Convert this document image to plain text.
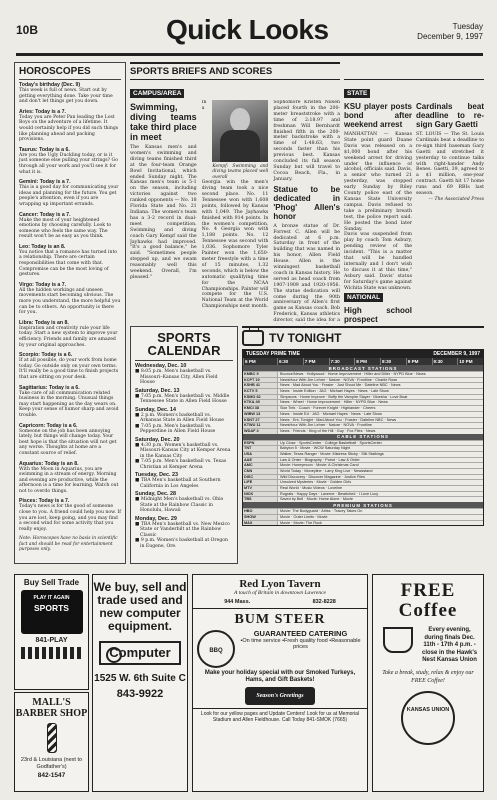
10B	Quick Looks	Tuesday
December 9, 1997
HOROSCOPES
Today's birthday (Dec. 9)
This week is full of news. Start out by getting everything done. Take your time and don't let things get you down.
Aries: Today is a 7.
Today you are Peter Pan leading the Lost Boys on the adventure of a lifetime. It would certainly help if you did such things like planning ahead and packing provisions.
Taurus: Today is a 6.
Are you the Ugly Duckling today, or is it just someone else pulling your strings? Go through all your work and you'll see it for what it is.
Gemini: Today is a 7.
This is a good day for communicating your ideas and planning for the future. You get people's attention, even if you are wrapping up important errands.
Cancer: Today is a 7.
Make the most of your heightened emotions by choosing carefully. Look to someone who feels the same way. The result won't be as easy as you think.
Leo: Today is an 8.
You notice that a romance has turned into a relationship. There are certain responsibilities that come with that. Compromise can be the most loving of gestures.
Virgo: Today is a 7.
All the hidden workings and unseen movements start becoming obvious. The more you understand, the more helpful you can be to others. An opportunity is there for you.
Libra: Today is an 8.
Inspiration and creativity rule your life today. Start a new system to improve your efficiency. Friends and family are amazed by your original approaches.
Scorpio: Today is a 6.
If at all possible, do your work from home today. Go outside only on your own terms. It'll really be a good time to finish projects that are sitting on your desk.
Sagittarius: Today is a 6.
Take care of all communication related business in the morning. Unusual things may start happening as the day wears on. Keep your sense of humor sharp and avoid trouble.
Capricorn: Today is a 6.
Someone on the job has been annoying lately, but things will change today. Your best hope is that the situation will not get any worse. Thoughts at home are a constant source of relief.
Aquarius: Today is an 8.
With the Moon in Aquarius, you are swimming in a stream of energy. Morning and evening are productive, while the afternoon is a time for learning. Watch out not to overdo things.
Pisces: Today is a 7.
Today's news is for the good of someone close to you. A friend could help you now. If you are lost, keep going, and you may find a second wind for some activity that you really enjoy.
Note: Horoscopes have no basis in scientific fact and should be read for entertainment purposes only.
SPORTS BRIEFS AND SCORES
CAMPUS/AREA
Swimming, diving teams take third place in meet
The Kansas men's and women's swimming and diving teams finished third at the four-team Orange Bowl Invitational, which ended Sunday night. The Kansas men's team is 5-1 on the season, including victories against two ranked opponents — No. 18 Florida State and No. 21 Indiana. The women's team has a 3-2 record in dual-meet competition. Swimming and diving coach Gary Kempf said the Jayhawks had improved. "It's a good balance," he said. "Sometimes people stepped up, and we swam reasonably well this weekend. Overall, I'm pleased."
Kempf: Swimming and diving teams placed well overall
In a Georgia win the men's diving team took a nice second place. No. 11 Tennessee won with 1,608 points, followed by Kansas with 1,049. The Jayhawks finished with 914 points. In the women's competition, No. 4 Georgia won with 1,188 points. No. 12 Tennessee was second with 1,036. Sophomore Tyler Painter won the 1,650-meter freestyle with a time of 15 minutes, 1.32 seconds, which is below the automatic qualifying time for the NCAA Championships. Painter will compete for the U.S. National Team at the World Championships next month.
Sophomore Kristen Nilsen placed fourth in the 200-meter breaststroke with a time of 2:18.97 and freshman Will Bernhardt finished fifth in the 200-meter backstroke with a time of 1:48.63, two seconds faster than his previous best. Kansas concluded its fall season Sunday but will travel to Cocoa Beach, Fla., in January.
Statue to be dedicated in 'Phog' Allen's honor
A bronze statue of Dr. Forrest C. Allen will be dedicated at 6 p.m. Saturday in front of the building that was named in his honor, Allen Field House. Allen is the winningest basketball coach in Kansas history. He served as head coach from 1907-1909 and 1920-1956. The statue dedication will come during the 90th anniversary of Allen's first game as Kansas coach. Bob Frederick, Kansas athletics director, said the idea for a

STATE
KSU player posts bond after weekend arrest
MANHATTAN — Kansas State point guard Duane Davis was released on a $1,000 bond after his weekend arrest for driving under the influence of alcohol, officials said. Davis, a senior who turned 21 yesterday, was stopped early Sunday by Riley County police east of the Kansas State University campus. Davis refused to take a preliminary breath test, the police report said. He posted the bond later Sunday.
Davis was suspended from play by coach Tom Asbury, pending review of the incident. "This is a matter that will be handled internally and I don't wish to discuss it at this time," Asbury said. Davis' status for Saturday's game against Wichita State was unknown.
NATIONAL
High school prospect
Cardinals beat deadline to re-sign Gary Gaetti
ST. LOUIS — The St. Louis Cardinals beat a deadline to re-sign third baseman Gary Gaetti and stretched it yesterday to continue talks with right-hander Andy Benes. Gaetti, 39, agreed to a $1 million, one-year contract. Gaetti hit 17 home runs and 69 RBIs last season.
— The Associated Press
SPORTS
CALENDAR
Wednesday, Dec. 10
■ 8:05 p.m. Men's basketball vs. Missouri–Kansas City, Allen Field House
Saturday, Dec. 13
■ 7:05 p.m. Men's basketball vs. Middle Tennessee State in Allen Field House
Sunday, Dec. 14
■ 2 p.m. Women's basketball vs. Arkansas State in Allen Field House
■ 7:05 p.m. Men's basketball vs. Pepperdine in Allen Field House
Saturday, Dec. 20
■ 4:30 p.m. Women's basketball vs. Missouri-Kansas City at Kemper Arena in the Kansas City
■ 7:05 p.m. Men's basketball vs. Texas Christian at Kemper Arena
Tuesday, Dec. 23
■ TBA Men's basketball at Southern California in Los Angeles
Sunday, Dec. 28
■ Midnight Men's basketball vs. Ohio State at the Rainbow Classic in Honolulu, Hawaii
Monday, Dec. 29
■ TBA Men's basketball vs. New Mexico State or Vanderbilt at the Rainbow Classic
■ 9 p.m. Women's basketball at Oregon in Eugene, Ore.
TV TONIGHT
TUESDAY PRIME TIME	DECEMBER 9, 1997
6 PM	6:30	7 PM	7:30	8 PM	8:30	9 PM	9:30	10 PM
BROADCAST STATIONS
KMBC 9	Bounce/News · Hollywood · Home Improvement · Hiller and Diller · NYPD Blue · News
KCPT 19	NewsHour With Jim Lehrer · Nature · NOVA · Frontline · Charlie Rose
KSHB 41	News · Mad About You · Frasier · Just Shoot Me · Dateline NBC · News
KCTV 5	News · Inside Edition · JAG · Michael Hayes · News · Late Show
KSMO 62	Simpsons · Home Improve · Buffy the Vampire Slayer · Moesha · Love Boat
KTKA 49	News · Wheel · Home Improvement · Hiller · NYPD Blue · News
KMCI 38	Star Trek · Coach · Forever Knight · Highlander · Cheers
WIBW 13	News · Inside Ed · JAG · Michael Hayes · News · Late Show
KSNT 27	News · Ent. Tonight · Mad About You · Frasier · Dateline NBC · News
KTWU 11	NewsHour With Jim Lehrer · Nature · NOVA · Frontline
WDAF 4	News · Friends · King of the Hill · Guy · Fox Files · News
CABLE STATIONS
ESPN	Up Close · SportsCenter · College Basketball · SportsCenter
TNT	Babylon 5 · Movie · WCW Saturday Night
USA	Walker, Texas Ranger · Movie: Mistress Sticky · Silk Stalkings
A&E	Law & Order · Biography · Poirot · Law & Order
AMC	Movie: Honeymoon · Movie: A Christmas Carol
CNN	World Today · Moneyline · Larry King Live · Newsstand
DISC	Wild Discovery · Discover Magazine · Justice Files
LIFE	Unsolved Mysteries · Movie · Golden Girls
MTV	Real World · Music Videos · Loveline
NICK	Rugrats · Happy Days · Laverne · Bewitched · I Love Lucy
TBS	Saved by Bell · Movie: Home Alone · Movie
PREMIUM STATIONS
HBO	Movie: The Bodyguard · Arliss · Tracey Takes On
SHOW	Movie · Outer Limits · Movie
MAX	Movie · Movie: The Rock
Buy Sell Trade
PLAY IT AGAIN
SPORTS
841-PLAY
MALL'S BARBER SHOP
23rd & Louisiana (next to Godfather's)
842-1547
We buy, sell and trade used and new computer equipment.
Computer
1525 W. 6th Suite C
843-9922
Red Lyon Tavern
A touch of Britain in downtown Lawrence
944 Mass.	832-8228
BUM STEER
BBQ
GUARANTEED CATERING
•On time service •Fresh quality food •Reasonable prices
Make your holiday special with our Smoked Turkeys, Hams, and Gift Baskets!
Season's Greetings
Look for our yellow pages and Update Centers! Look for us at Memorial Stadium and Allen Fieldhouse. Call Today 841-SMOK (7665)
FREE Coffee
Every evening, during finals Dec. 11th - 17th 4 p.m. - close in the Hawk's Nest Kansas Union
Take a break, study, relax & enjoy our FREE Coffee!
KANSAS UNION
